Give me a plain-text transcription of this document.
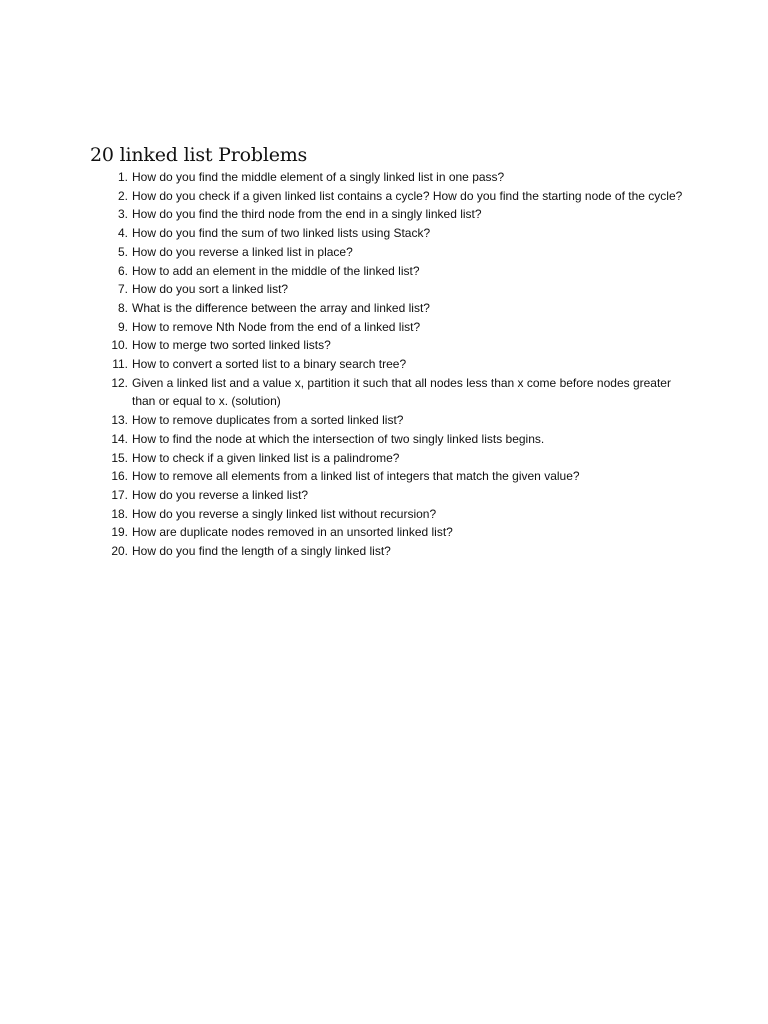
20 linked list Problems
1. How do you find the middle element of a singly linked list in one pass?
2. How do you check if a given linked list contains a cycle? How do you find the starting node of the cycle?
3. How do you find the third node from the end in a singly linked list?
4. How do you find the sum of two linked lists using Stack?
5. How do you reverse a linked list in place?
6. How to add an element in the middle of the linked list?
7. How do you sort a linked list?
8. What is the difference between the array and linked list?
9. How to remove Nth Node from the end of a linked list?
10. How to merge two sorted linked lists?
11. How to convert a sorted list to a binary search tree?
12. Given a linked list and a value x, partition it such that all nodes less than x come before nodes greater than or equal to x. (solution)
13. How to remove duplicates from a sorted linked list?
14. How to find the node at which the intersection of two singly linked lists begins.
15. How to check if a given linked list is a palindrome?
16. How to remove all elements from a linked list of integers that match the given value?
17. How do you reverse a linked list?
18. How do you reverse a singly linked list without recursion?
19. How are duplicate nodes removed in an unsorted linked list?
20. How do you find the length of a singly linked list?
